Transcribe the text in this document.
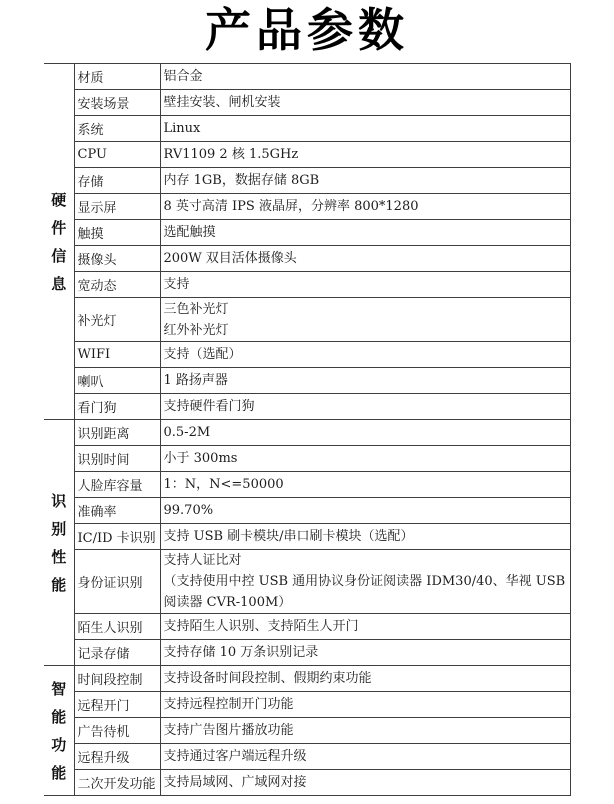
产品参数
硬
件
信
息	材质	铝合金
	安装场景	壁挂安装、闸机安装
	系统	Linux
	CPU	RV1109 2 核 1.5GHz
	存储	内存 1GB，数据存储 8GB
	显示屏	8 英寸高清 IPS 液晶屏，分辨率 800*1280
	触摸	选配触摸
	摄像头	200W 双目活体摄像头
	宽动态	支持
	补光灯	三色补光灯
红外补光灯
	WIFI	支持（选配）
	喇叭	1 路扬声器
	看门狗	支持硬件看门狗

识
别
性
能	识别距离	0.5-2M
	识别时间	小于 300ms
	人脸库容量	1：N，N<=50000
	准确率	99.70%
	IC/ID 卡识别	支持 USB 刷卡模块/串口刷卡模块（选配）
	身份证识别	支持人证比对
（支持使用中控 USB 通用协议身份证阅读器 IDM30/40、华视 USB 阅读器 CVR-100M）
	陌生人识别	支持陌生人识别、支持陌生人开门
	记录存储	支持存储 10 万条识别记录

智
能
功
能	时间段控制	支持设备时间段控制、假期约束功能
	远程开门	支持远程控制开门功能
	广告待机	支持广告图片播放功能
	远程升级	支持通过客户端远程升级
	二次开发功能	支持局域网、广域网对接
